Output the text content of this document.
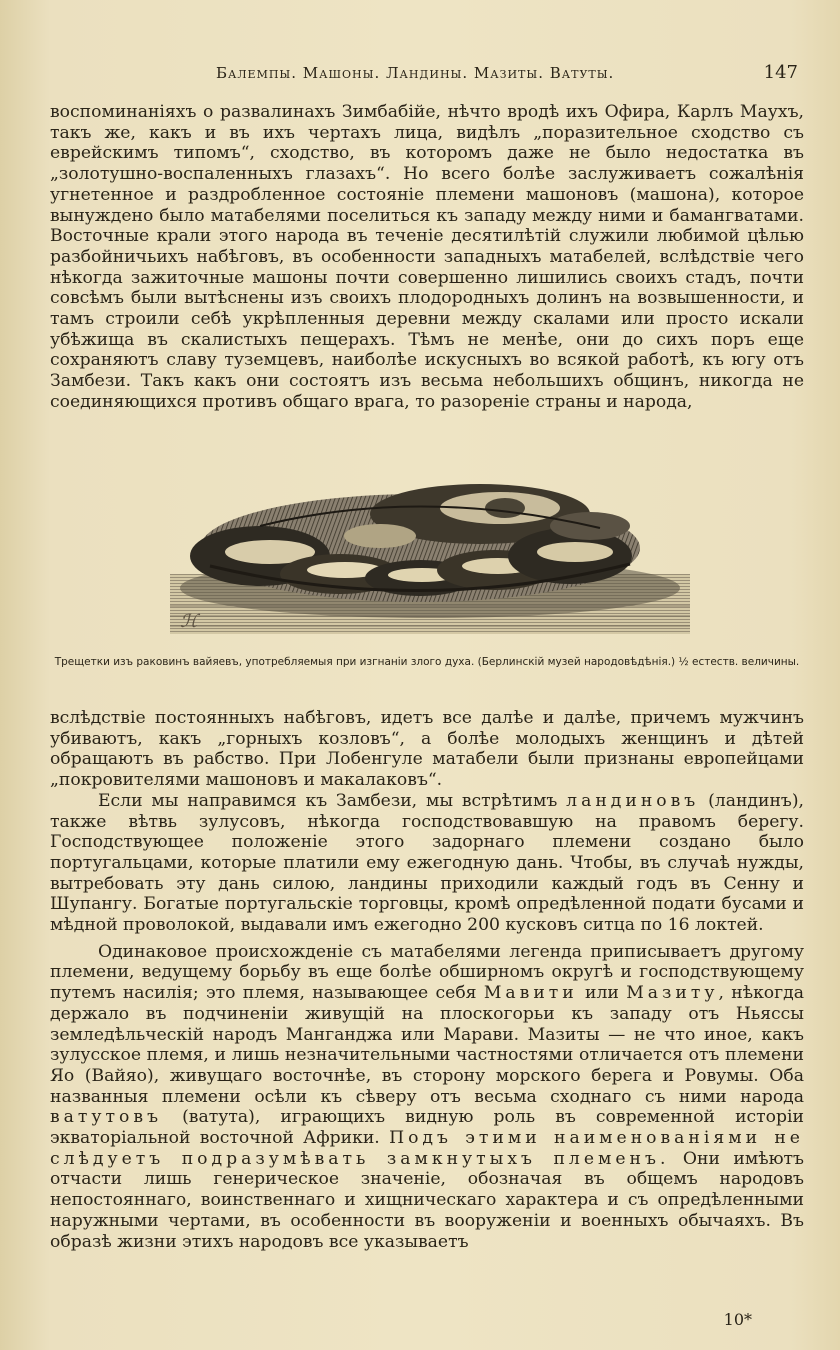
Балемпы. Машоны. Ландины. Мазиты. Ватуты.	147

воспоминаніяхъ о развалинахъ Зимбабійе, нѣчто вродѣ ихъ Офира, Карлъ Маухъ, такъ же, какъ и въ ихъ чертахъ лица, видѣлъ „поразительное сходство съ еврейскимъ типомъ“, сходство, въ которомъ даже не было недостатка въ „золотушно-воспаленныхъ глазахъ“. Но всего болѣе заслуживаетъ сожалѣнія угнетенное и раздробленное состояніе племени машоновъ (машона), которое вынуждено было матабелями поселиться къ западу между ними и бамангватами. Восточные крали этого народа въ теченіе десятилѣтій служили любимой цѣлью разбойничьихъ набѣговъ, въ особенности западныхъ матабелей, вслѣдствіе чего нѣкогда зажиточные машоны почти совершенно лишились своихъ стадъ, почти совсѣмъ были вытѣснены изъ своихъ плодородныхъ долинъ на возвышенности, и тамъ строили себѣ укрѣпленныя деревни между скалами или просто искали убѣжища въ скалистыхъ пещерахъ. Тѣмъ не менѣе, они до сихъ поръ еще сохраняютъ славу туземцевъ, наиболѣе искусныхъ во всякой работѣ, къ югу отъ Замбези. Такъ какъ они состоятъ изъ весьма небольшихъ общинъ, никогда не соединяющихся противъ общаго врага, то разореніе страны и народа,

ℋ
Трещетки изъ раковинъ вайяевъ, употребляемыя при изгнаніи злого духа. (Берлинскій музей народовѣдѣнія.) ½ естеств. величины.

вслѣдствіе постоянныхъ набѣговъ, идетъ все далѣе и далѣе, причемъ мужчинъ убиваютъ, какъ „горныхъ козловъ“, а болѣе молодыхъ женщинъ и дѣтей обращаютъ въ рабство. При Лобенгуле матабели были признаны европейцами „покровителями машоновъ и макалаковъ“.

Если мы направимся къ Замбези, мы встрѣтимъ ландиновъ (ландинъ), также вѣтвь зулусовъ, нѣкогда господствовавшую на правомъ берегу. Господствующее положеніе этого задорнаго племени создано было португальцами, которые платили ему ежегодную дань. Чтобы, въ случаѣ нужды, вытребовать эту дань силою, ландины приходили каждый годъ въ Сенну и Шупангу. Богатые португальскіе торговцы, кромѣ опредѣленной подати бусами и мѣдной проволокой, выдавали имъ ежегодно 200 кусковъ ситца по 16 локтей.

Одинаковое происхожденіе съ матабелями легенда приписываетъ другому племени, ведущему борьбу въ еще болѣе обширномъ округѣ и господствующему путемъ насилія; это племя, называющее себя Мавити или Мазиту, нѣкогда держало въ подчиненіи живущій на плоскогорьи къ западу отъ Ньяссы земледѣльческій народъ Манганджа или Марави. Мазиты — не что иное, какъ зулусское племя, и лишь незначительными частностями отличается отъ племени Яо (Вайяо), живущаго восточнѣе, въ сторону морского берега и Ровумы. Оба названныя племени осѣли къ сѣверу отъ весьма сходнаго съ ними народа ватутовъ (ватута), играющихъ видную роль въ современной исторіи экваторіальной восточной Африки. Подъ этими наименованіями не слѣдуетъ подразумѣвать замкнутыхъ племенъ. Они имѣютъ отчасти лишь генерическое значеніе, обозначая въ общемъ народовъ непостояннаго, воинственнаго и хищническаго характера и съ опредѣленными наружными чертами, въ особенности въ вооруженіи и военныхъ обычаяхъ. Въ образѣ жизни этихъ народовъ все указываетъ

10*
